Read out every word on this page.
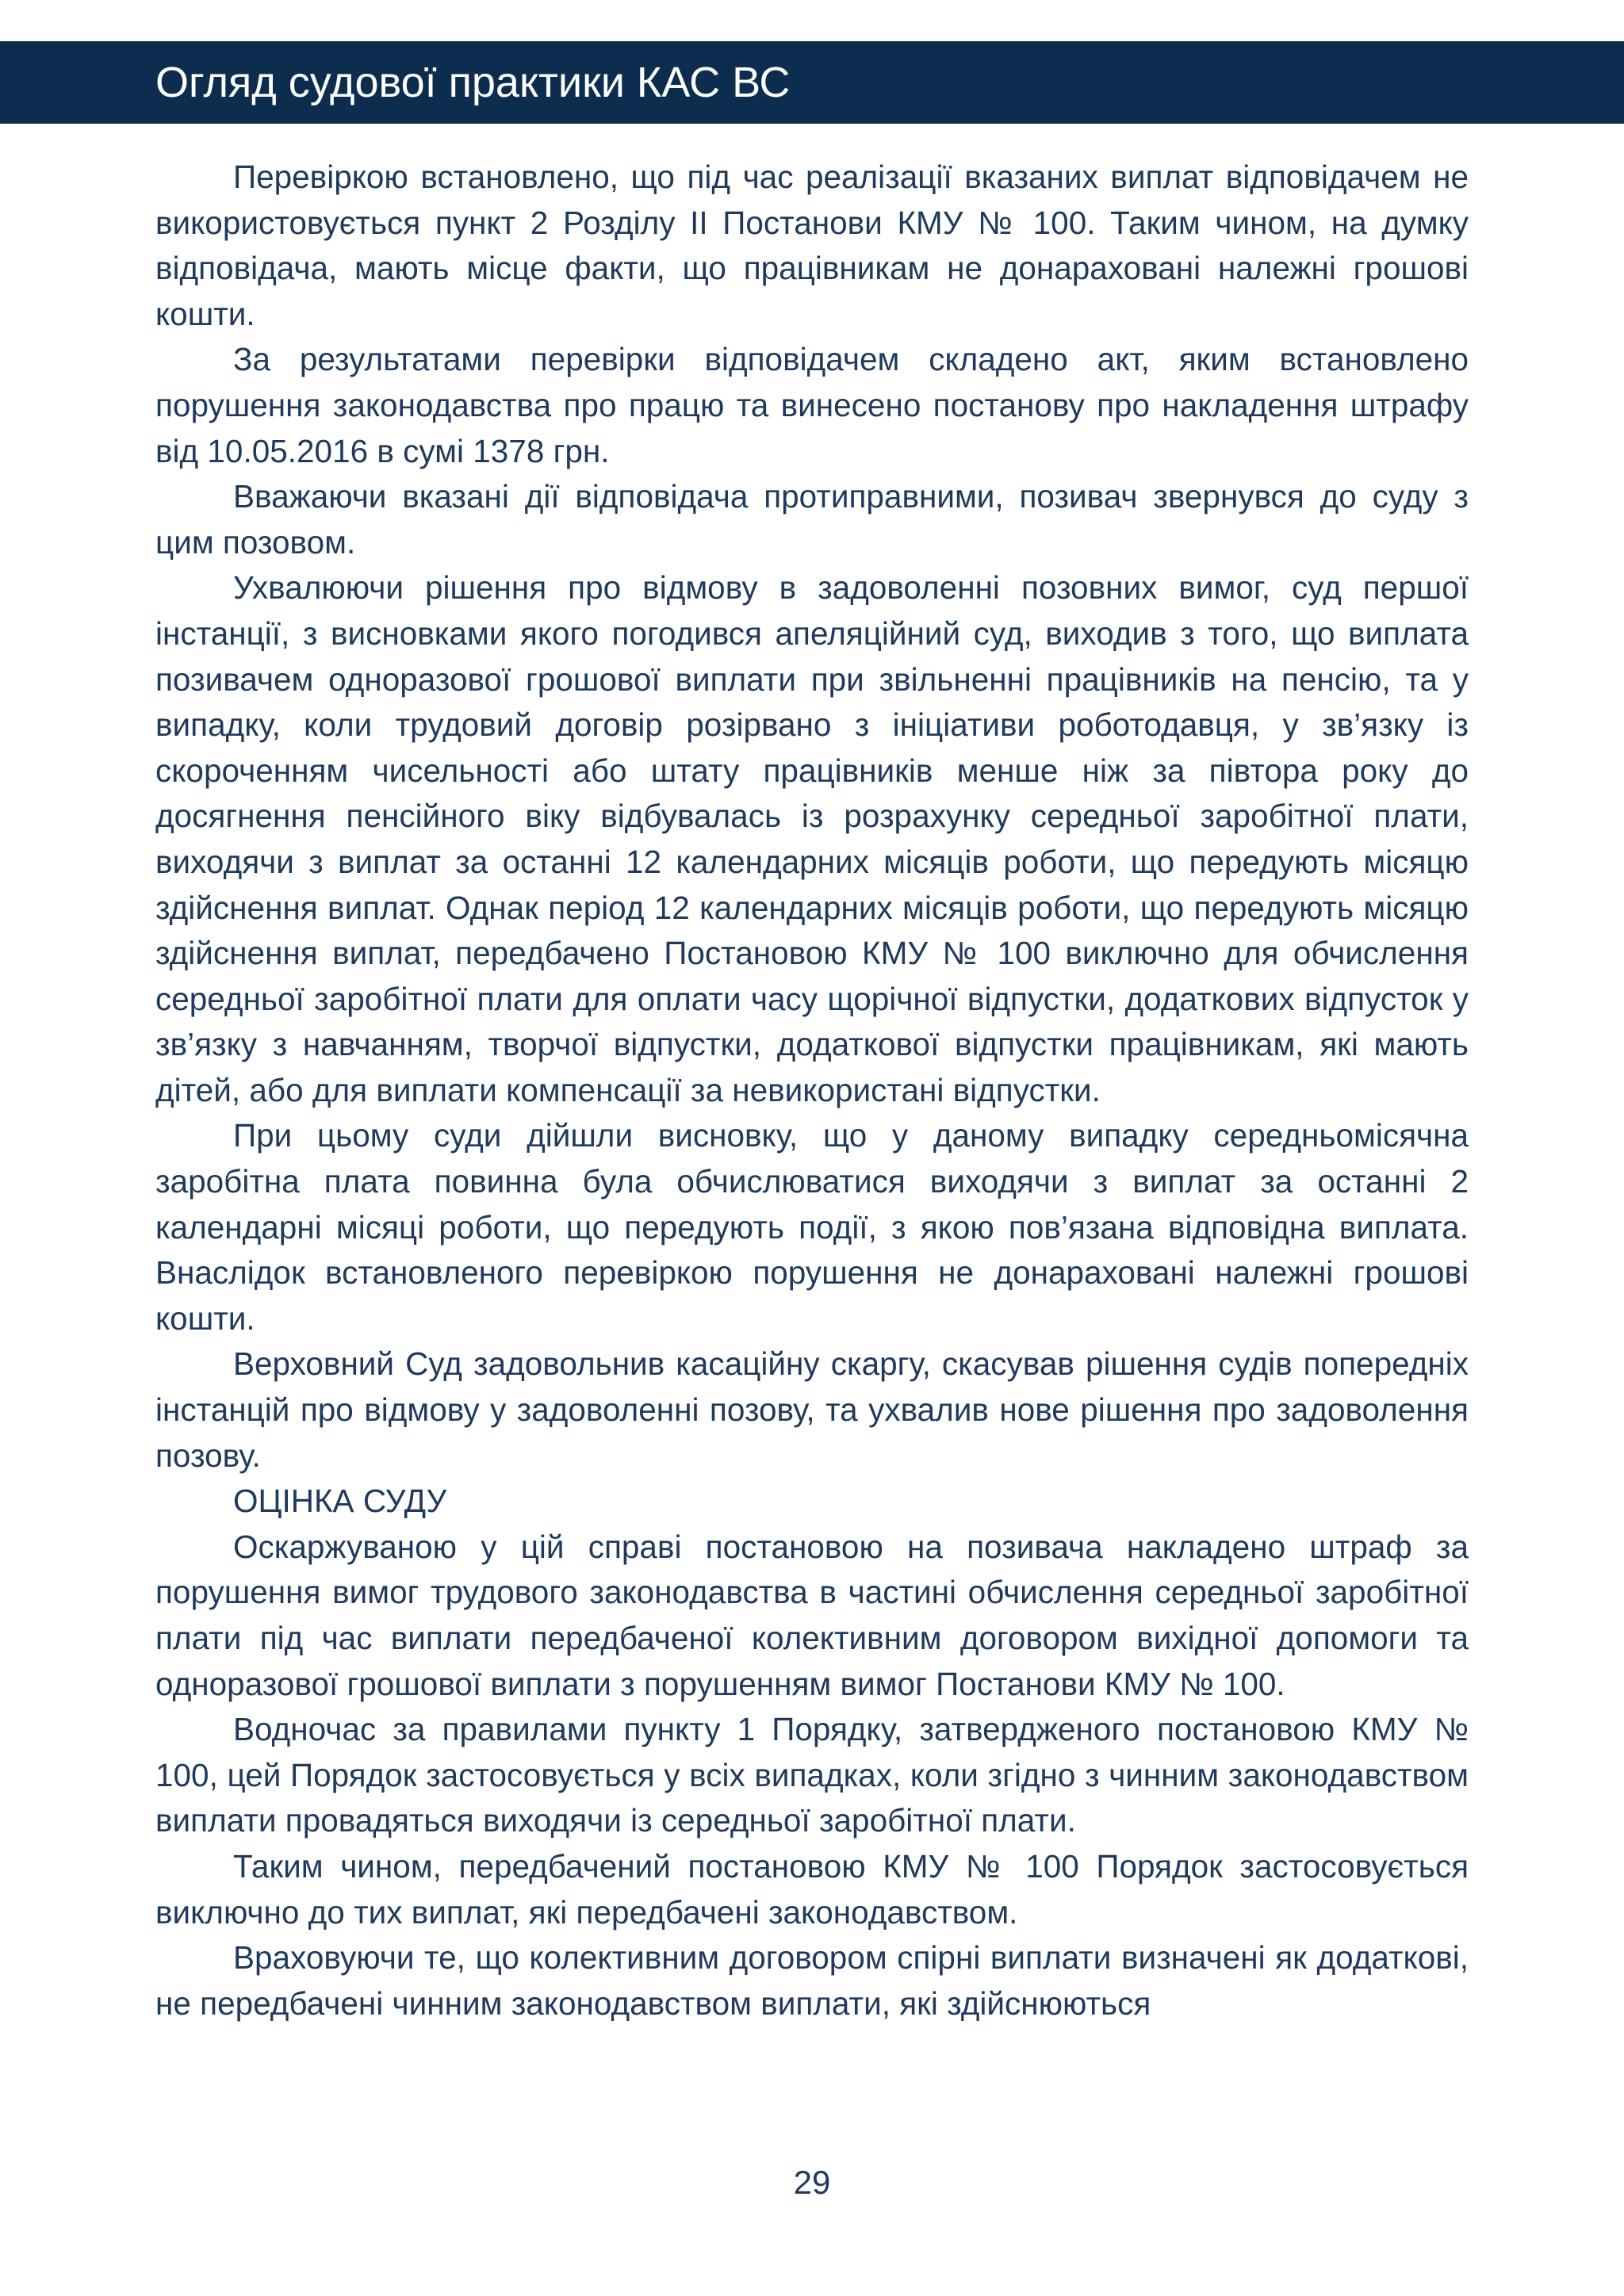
Огляд судової практики КАС ВС

Перевіркою встановлено, що під час реалізації вказаних виплат відповідачем не використовується пункт 2 Розділу ІІ Постанови КМУ № 100. Таким чином, на думку відповідача, мають місце факти, що працівникам не донараховані належні грошові кошти.

За результатами перевірки відповідачем складено акт, яким встановлено порушення законодавства про працю та винесено постанову про накладення штрафу від 10.05.2016 в сумі 1378 грн.

Вважаючи вказані дії відповідача протиправними, позивач звернувся до суду з цим позовом.

Ухвалюючи рішення про відмову в задоволенні позовних вимог, суд першої інстанції, з висновками якого погодився апеляційний суд, виходив з того, що виплата позивачем одноразової грошової виплати при звільненні працівників на пенсію, та у випадку, коли трудовий договір розірвано з ініціативи роботодавця, у зв’язку із скороченням чисельності або штату працівників менше ніж за півтора року до досягнення пенсійного віку відбувалась із розрахунку середньої заробітної плати, виходячи з виплат за останні 12 календарних місяців роботи, що передують місяцю здійснення виплат. Однак період 12 календарних місяців роботи, що передують місяцю здійснення виплат, передбачено Постановою КМУ № 100 виключно для обчислення середньої заробітної плати для оплати часу щорічної відпустки, додаткових відпусток у зв’язку з навчанням, творчої відпустки, додаткової відпустки працівникам, які мають дітей, або для виплати компенсації за невикористані відпустки.

При цьому суди дійшли висновку, що у даному випадку середньомісячна заробітна плата повинна була обчислюватися виходячи з виплат за останні 2 календарні місяці роботи, що передують події, з якою пов’язана відповідна виплата. Внаслідок встановленого перевіркою порушення не донараховані належні грошові кошти.

Верховний Суд задовольнив касаційну скаргу, скасував рішення судів попередніх інстанцій про відмову у задоволенні позову, та ухвалив нове рішення про задоволення позову.

ОЦІНКА СУДУ

Оскаржуваною у цій справі постановою на позивача накладено штраф за порушення вимог трудового законодавства в частині обчислення середньої заробітної плати під час виплати передбаченої колективним договором вихідної допомоги та одноразової грошової виплати з порушенням вимог Постанови КМУ № 100.

Водночас за правилами пункту 1 Порядку, затвердженого постановою КМУ № 100, цей Порядок застосовується у всіх випадках, коли згідно з чинним законодавством виплати провадяться виходячи із середньої заробітної плати.

Таким чином, передбачений постановою КМУ № 100 Порядок застосовується виключно до тих виплат, які передбачені законодавством.

Враховуючи те, що колективним договором спірні виплати визначені як додаткові, не передбачені чинним законодавством виплати, які здійснюються

29
